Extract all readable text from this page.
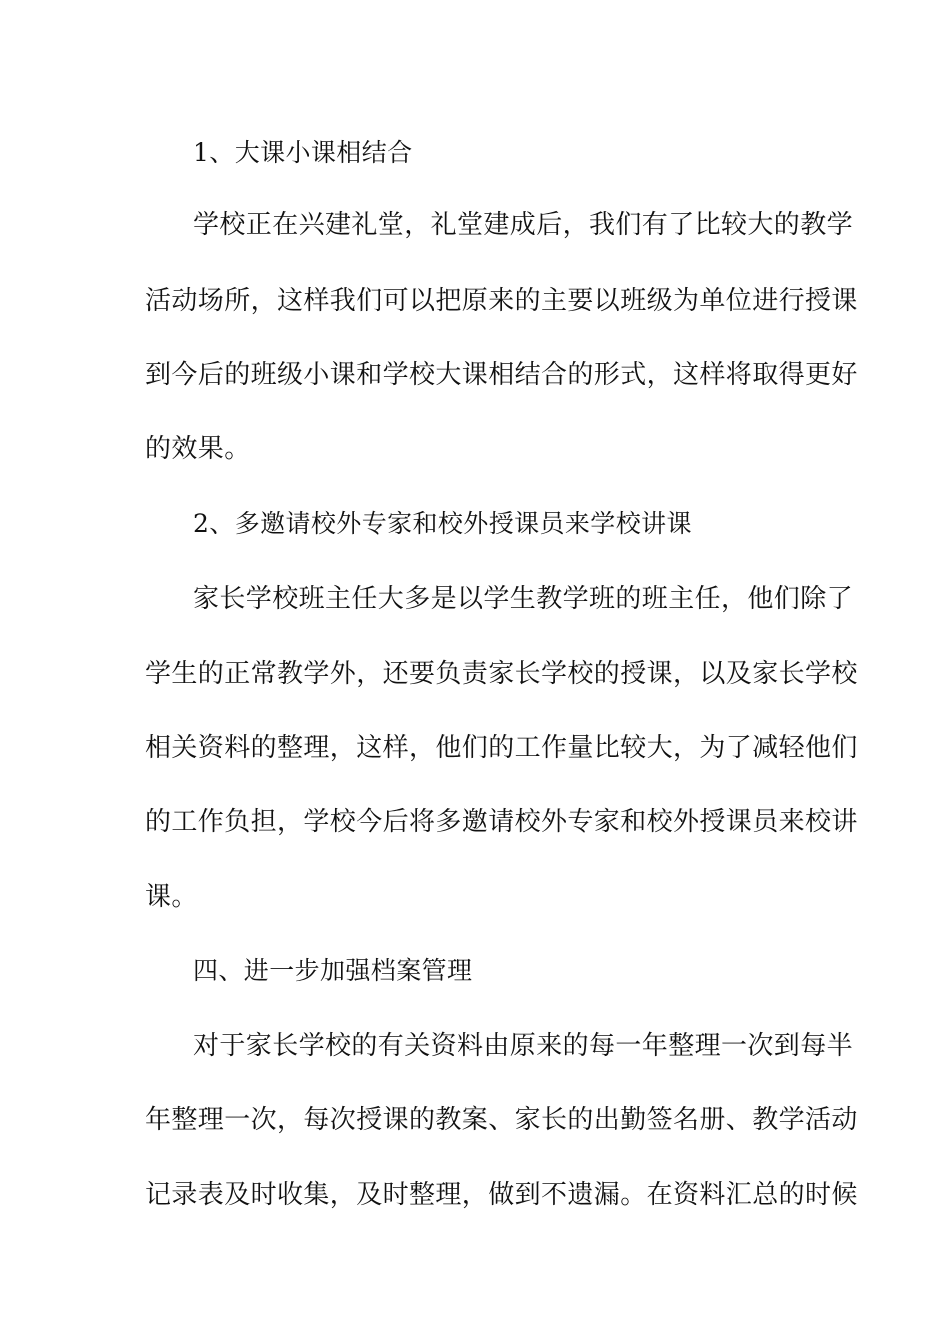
1、大课小课相结合
学校正在兴建礼堂，礼堂建成后，我们有了比较大的教学
活动场所，这样我们可以把原来的主要以班级为单位进行授课
到今后的班级小课和学校大课相结合的形式，这样将取得更好
的效果。
2、多邀请校外专家和校外授课员来学校讲课
家长学校班主任大多是以学生教学班的班主任，他们除了
学生的正常教学外，还要负责家长学校的授课，以及家长学校
相关资料的整理，这样，他们的工作量比较大，为了减轻他们
的工作负担，学校今后将多邀请校外专家和校外授课员来校讲
课。
四、进一步加强档案管理
对于家长学校的有关资料由原来的每一年整理一次到每半
年整理一次，每次授课的教案、家长的出勤签名册、教学活动
记录表及时收集，及时整理，做到不遗漏。在资料汇总的时候
